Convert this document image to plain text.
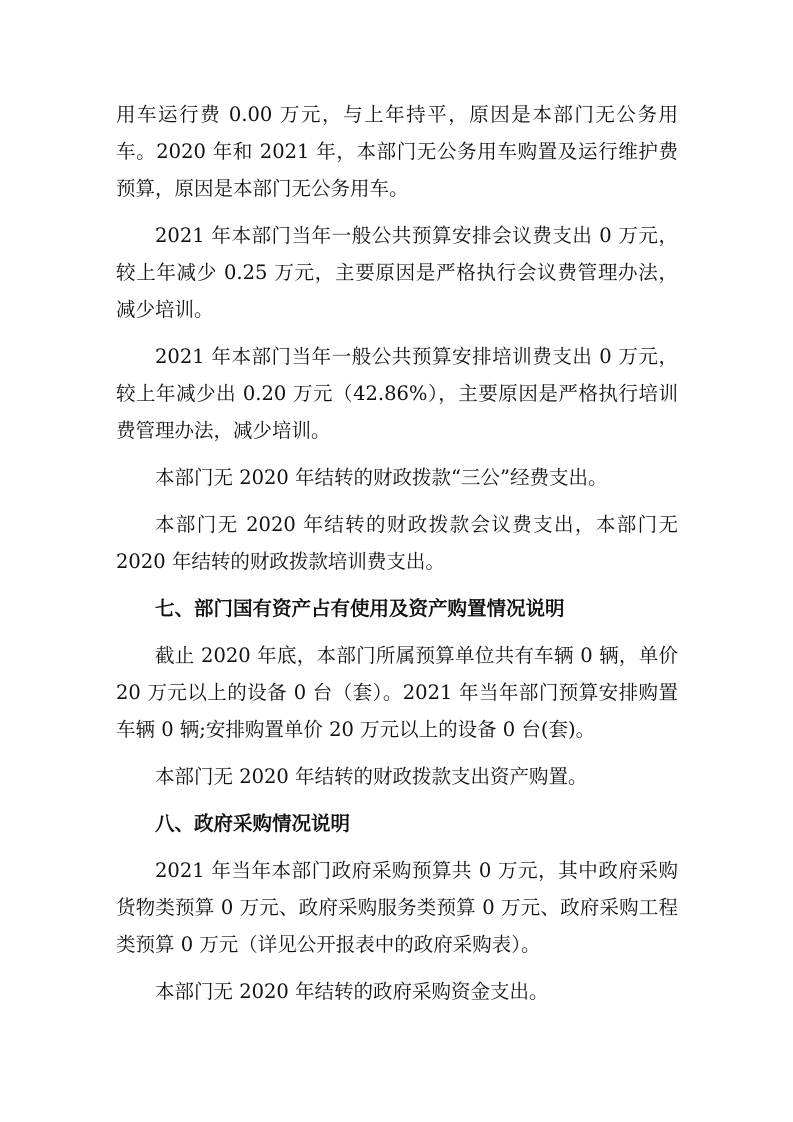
用车运行费 0.00 万元，与上年持平，原因是本部门无公务用车。2020 年和 2021 年，本部门无公务用车购置及运行维护费预算，原因是本部门无公务用车。

2021 年本部门当年一般公共预算安排会议费支出 0 万元，较上年减少 0.25 万元，主要原因是严格执行会议费管理办法，减少培训。

2021 年本部门当年一般公共预算安排培训费支出 0 万元，较上年减少出 0.20 万元（42.86%），主要原因是严格执行培训费管理办法，减少培训。

本部门无 2020 年结转的财政拨款“三公”经费支出。

本部门无 2020 年结转的财政拨款会议费支出，本部门无 2020 年结转的财政拨款培训费支出。

七、部门国有资产占有使用及资产购置情况说明

截止 2020 年底，本部门所属预算单位共有车辆 0 辆，单价 20 万元以上的设备 0 台（套）。2021 年当年部门预算安排购置车辆 0 辆;安排购置单价 20 万元以上的设备 0 台(套)。

本部门无 2020 年结转的财政拨款支出资产购置。

八、政府采购情况说明

2021 年当年本部门政府采购预算共 0 万元，其中政府采购货物类预算 0 万元、政府采购服务类预算 0 万元、政府采购工程类预算 0 万元（详见公开报表中的政府采购表）。

本部门无 2020 年结转的政府采购资金支出。
